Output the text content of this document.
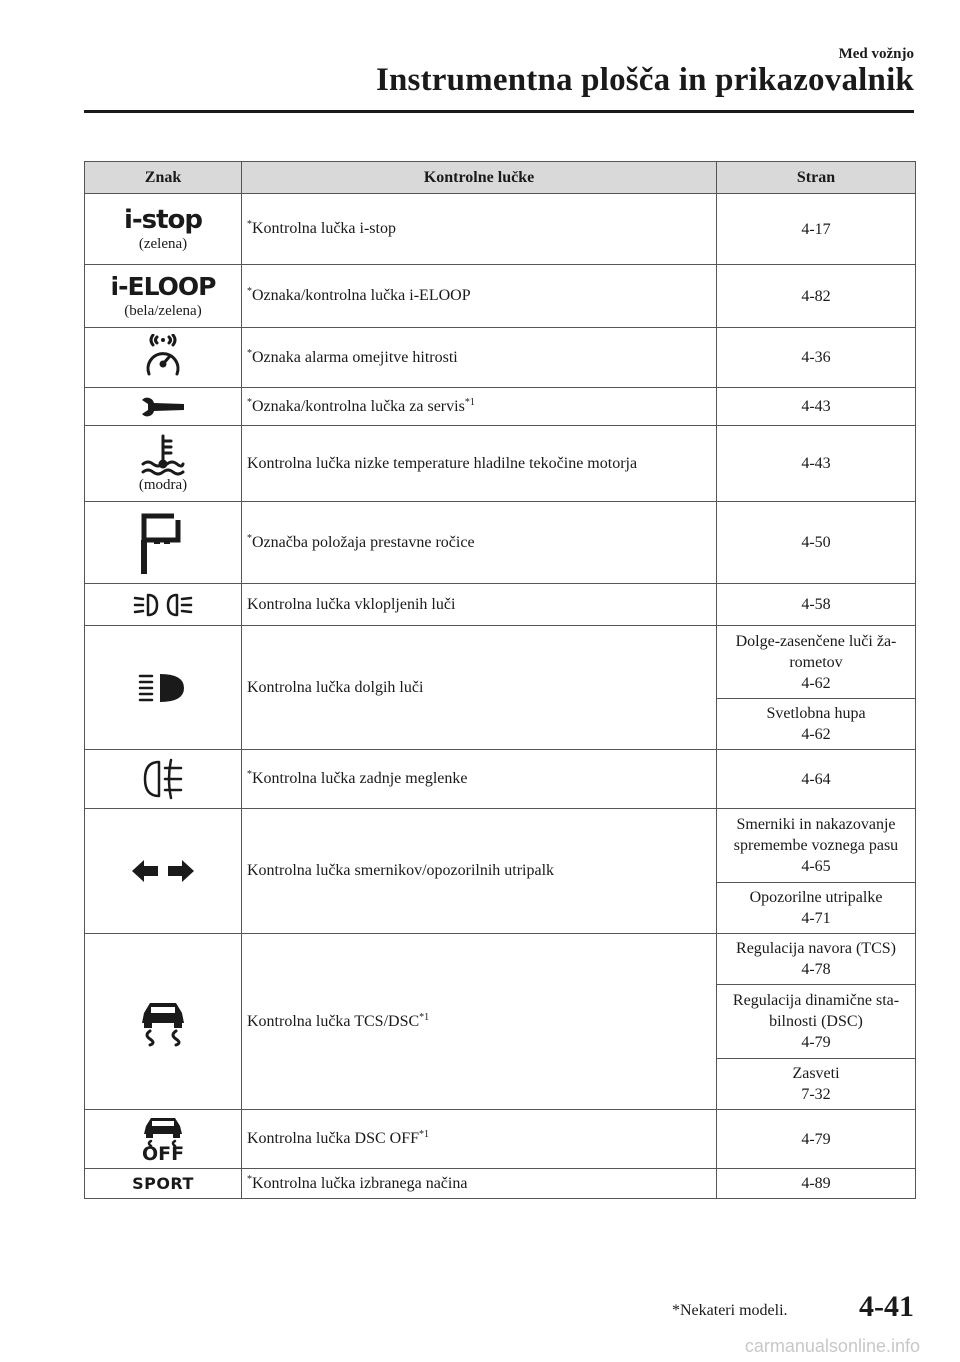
Med vožnjo
Instrumentna plošča in prikazovalnik
Znak	Kontrolne lučke	Stran

i-stop
(zelena)	*Kontrolna lučka i-stop	4-17

i-ELOOP
(bela/zelena)	*Oznaka/kontrolna lučka i-ELOOP	4-82

	*Oznaka alarma omejitve hitrosti	4-36

	*Oznaka/kontrolna lučka za servis$^{*1}$	4-43

(modra)	Kontrolna lučka nizke temperature hladilne tekočine motorja	4-43

	*Označba položaja prestavne ročice	4-50

	Kontrolna lučka vklopljenih luči	4-58

	Kontrolna lučka dolgih luči	Dolge-zasenčene luči ža-
rometov
4-62
		Svetlobna hupa
4-62

	*Kontrolna lučka zadnje meglenke	4-64

	Kontrolna lučka smernikov/opozorilnih utripalk	Smerniki in nakazovanje
spremembe voznega pasu
4-65
		Opozorilne utripalke
4-71

	Kontrolna lučka TCS/DSC$^{*1}$	Regulacija navora (TCS)
4-78
		Regulacija dinamične sta-
bilnosti (DSC)
4-79
		Zasveti
7-32

OFF	Kontrolna lučka DSC OFF$^{*1}$	4-79

SPORT	*Kontrolna lučka izbranega načina	4-89
*Nekateri modeli. 4-41
carmanualsonline.info
